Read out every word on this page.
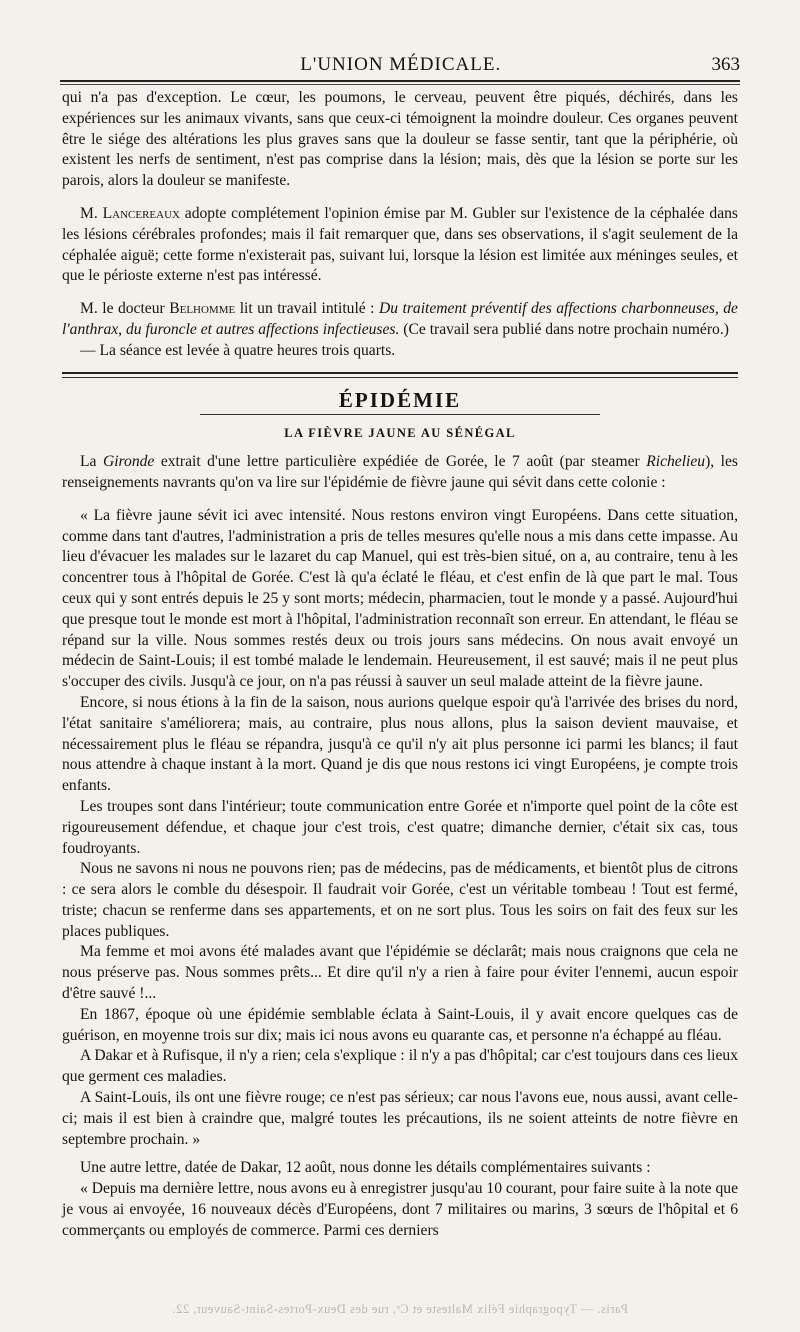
L'UNION MÉDICALE.	363

qui n'a pas d'exception. Le cœur, les poumons, le cerveau, peuvent être piqués, déchirés, dans les expériences sur les animaux vivants, sans que ceux-ci témoignent la moindre douleur. Ces organes peuvent être le siége des altérations les plus graves sans que la douleur se fasse sentir, tant que la périphérie, où existent les nerfs de sentiment, n'est pas comprise dans la lésion; mais, dès que la lésion se porte sur les parois, alors la douleur se manifeste.

M. Lancereaux adopte complétement l'opinion émise par M. Gubler sur l'existence de la céphalée dans les lésions cérébrales profondes; mais il fait remarquer que, dans ses observations, il s'agit seulement de la céphalée aiguë; cette forme n'existerait pas, suivant lui, lorsque la lésion est limitée aux méninges seules, et que le périoste externe n'est pas intéressé.

M. le docteur Belhomme lit un travail intitulé : Du traitement préventif des affections charbonneuses, de l'anthrax, du furoncle et autres affections infectieuses. (Ce travail sera publié dans notre prochain numéro.)

— La séance est levée à quatre heures trois quarts.

ÉPIDÉMIE
LA FIÈVRE JAUNE AU SÉNÉGAL

La Gironde extrait d'une lettre particulière expédiée de Gorée, le 7 août (par steamer Richelieu), les renseignements navrants qu'on va lire sur l'épidémie de fièvre jaune qui sévit dans cette colonie :

« La fièvre jaune sévit ici avec intensité. Nous restons environ vingt Européens. Dans cette situation, comme dans tant d'autres, l'administration a pris de telles mesures qu'elle nous a mis dans cette impasse. Au lieu d'évacuer les malades sur le lazaret du cap Manuel, qui est très-bien situé, on a, au contraire, tenu à les concentrer tous à l'hôpital de Gorée. C'est là qu'a éclaté le fléau, et c'est enfin de là que part le mal. Tous ceux qui y sont entrés depuis le 25 y sont morts; médecin, pharmacien, tout le monde y a passé. Aujourd'hui que presque tout le monde est mort à l'hôpital, l'administration reconnaît son erreur. En attendant, le fléau se répand sur la ville. Nous sommes restés deux ou trois jours sans médecins. On nous avait envoyé un médecin de Saint-Louis; il est tombé malade le lendemain. Heureusement, il est sauvé; mais il ne peut plus s'occuper des civils. Jusqu'à ce jour, on n'a pas réussi à sauver un seul malade atteint de la fièvre jaune.

Encore, si nous étions à la fin de la saison, nous aurions quelque espoir qu'à l'arrivée des brises du nord, l'état sanitaire s'améliorera; mais, au contraire, plus nous allons, plus la saison devient mauvaise, et nécessairement plus le fléau se répandra, jusqu'à ce qu'il n'y ait plus personne ici parmi les blancs; il faut nous attendre à chaque instant à la mort. Quand je dis que nous restons ici vingt Européens, je compte trois enfants.

Les troupes sont dans l'intérieur; toute communication entre Gorée et n'importe quel point de la côte est rigoureusement défendue, et chaque jour c'est trois, c'est quatre; dimanche dernier, c'était six cas, tous foudroyants.

Nous ne savons ni nous ne pouvons rien; pas de médecins, pas de médicaments, et bientôt plus de citrons : ce sera alors le comble du désespoir. Il faudrait voir Gorée, c'est un véritable tombeau ! Tout est fermé, triste; chacun se renferme dans ses appartements, et on ne sort plus. Tous les soirs on fait des feux sur les places publiques.

Ma femme et moi avons été malades avant que l'épidémie se déclarât; mais nous craignons que cela ne nous préserve pas. Nous sommes prêts... Et dire qu'il n'y a rien à faire pour éviter l'ennemi, aucun espoir d'être sauvé !...

En 1867, époque où une épidémie semblable éclata à Saint-Louis, il y avait encore quelques cas de guérison, en moyenne trois sur dix; mais ici nous avons eu quarante cas, et personne n'a échappé au fléau.

A Dakar et à Rufisque, il n'y a rien; cela s'explique : il n'y a pas d'hôpital; car c'est toujours dans ces lieux que germent ces maladies.

A Saint-Louis, ils ont une fièvre rouge; ce n'est pas sérieux; car nous l'avons eue, nous aussi, avant celle-ci; mais il est bien à craindre que, malgré toutes les précautions, ils ne soient atteints de notre fièvre en septembre prochain. »

Une autre lettre, datée de Dakar, 12 août, nous donne les détails complémentaires suivants :

« Depuis ma dernière lettre, nous avons eu à enregistrer jusqu'au 10 courant, pour faire suite à la note que je vous ai envoyée, 16 nouveaux décès d'Européens, dont 7 militaires ou marins, 3 sœurs de l'hôpital et 6 commerçants ou employés de commerce. Parmi ces derniers

Paris. — Typographie Félix Malteste et Cᵉ, rue des Deux-Portes-Saint-Sauveur, 22.
